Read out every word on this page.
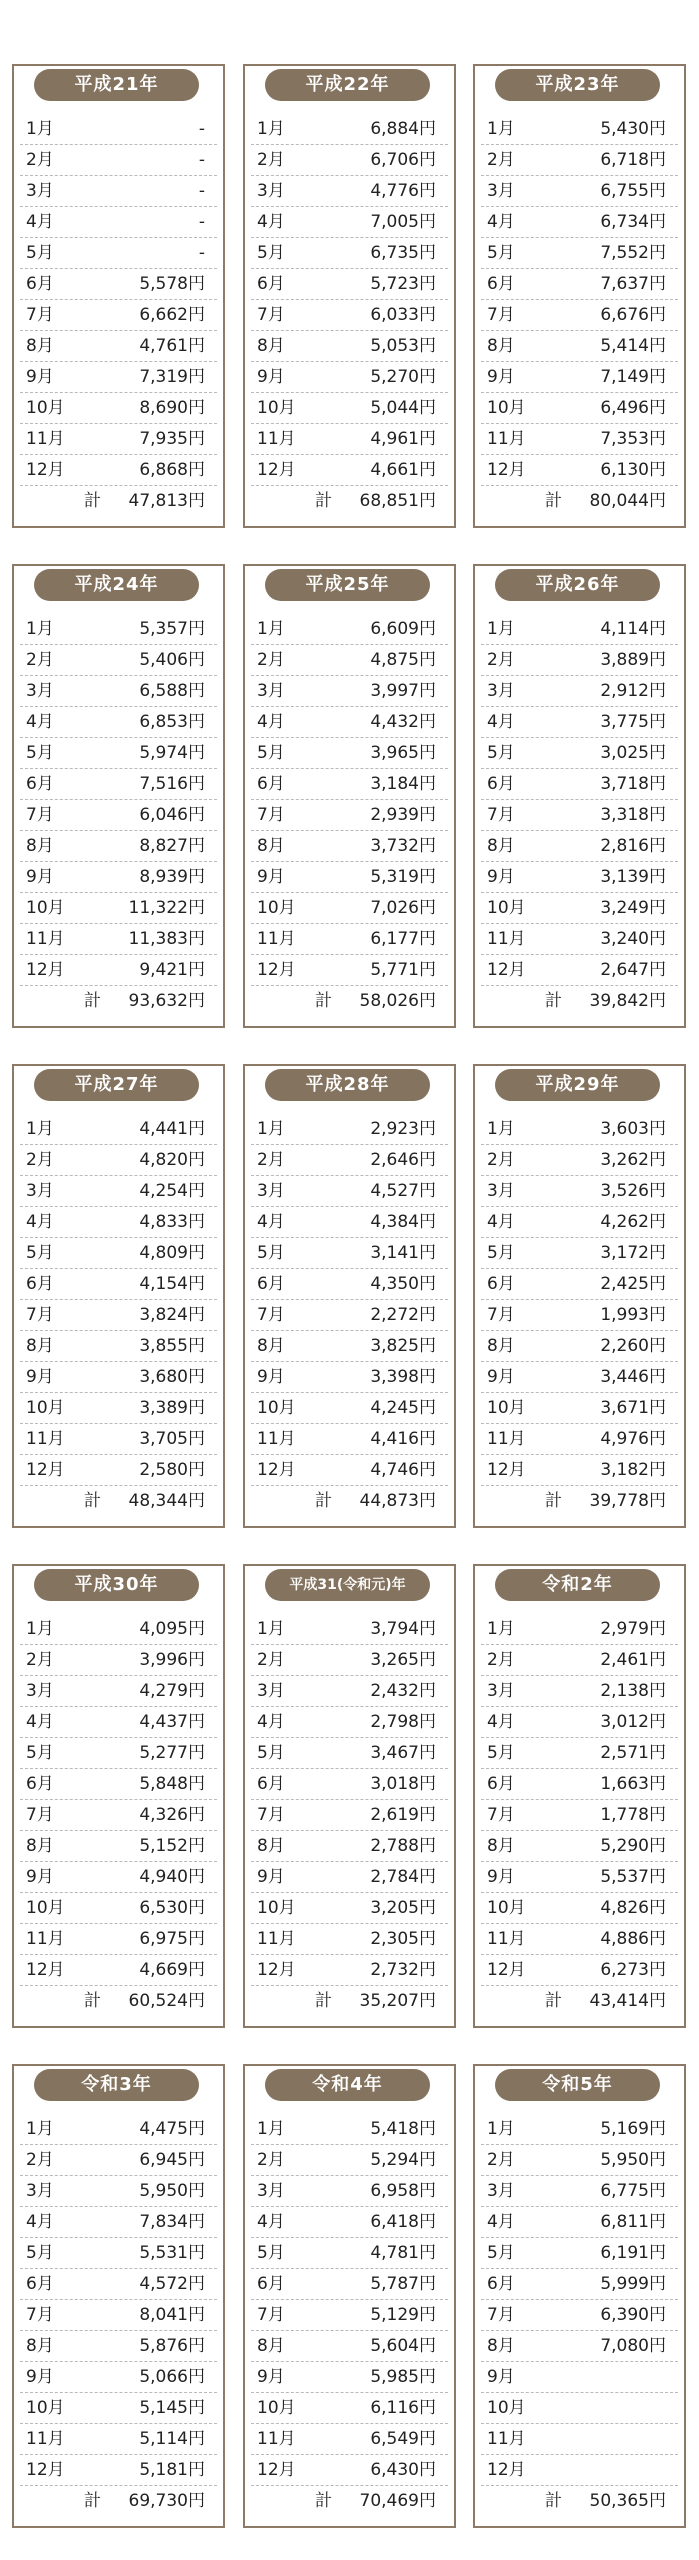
平成21年
1月	-
2月	-
3月	-
4月	-
5月	-
6月	5,578円
7月	6,662円
8月	4,761円
9月	7,319円
10月	8,690円
11月	7,935円
12月	6,868円
計 47,813円
平成22年
1月	6,884円
2月	6,706円
3月	4,776円
4月	7,005円
5月	6,735円
6月	5,723円
7月	6,033円
8月	5,053円
9月	5,270円
10月	5,044円
11月	4,961円
12月	4,661円
計 68,851円
平成23年
1月	5,430円
2月	6,718円
3月	6,755円
4月	6,734円
5月	7,552円
6月	7,637円
7月	6,676円
8月	5,414円
9月	7,149円
10月	6,496円
11月	7,353円
12月	6,130円
計 80,044円
平成24年
1月	5,357円
2月	5,406円
3月	6,588円
4月	6,853円
5月	5,974円
6月	7,516円
7月	6,046円
8月	8,827円
9月	8,939円
10月	11,322円
11月	11,383円
12月	9,421円
計 93,632円
平成25年
1月	6,609円
2月	4,875円
3月	3,997円
4月	4,432円
5月	3,965円
6月	3,184円
7月	2,939円
8月	3,732円
9月	5,319円
10月	7,026円
11月	6,177円
12月	5,771円
計 58,026円
平成26年
1月	4,114円
2月	3,889円
3月	2,912円
4月	3,775円
5月	3,025円
6月	3,718円
7月	3,318円
8月	2,816円
9月	3,139円
10月	3,249円
11月	3,240円
12月	2,647円
計 39,842円
平成27年
1月	4,441円
2月	4,820円
3月	4,254円
4月	4,833円
5月	4,809円
6月	4,154円
7月	3,824円
8月	3,855円
9月	3,680円
10月	3,389円
11月	3,705円
12月	2,580円
計 48,344円
平成28年
1月	2,923円
2月	2,646円
3月	4,527円
4月	4,384円
5月	3,141円
6月	4,350円
7月	2,272円
8月	3,825円
9月	3,398円
10月	4,245円
11月	4,416円
12月	4,746円
計 44,873円
平成29年
1月	3,603円
2月	3,262円
3月	3,526円
4月	4,262円
5月	3,172円
6月	2,425円
7月	1,993円
8月	2,260円
9月	3,446円
10月	3,671円
11月	4,976円
12月	3,182円
計 39,778円
平成30年
1月	4,095円
2月	3,996円
3月	4,279円
4月	4,437円
5月	5,277円
6月	5,848円
7月	4,326円
8月	5,152円
9月	4,940円
10月	6,530円
11月	6,975円
12月	4,669円
計 60,524円
平成31(令和元)年
1月	3,794円
2月	3,265円
3月	2,432円
4月	2,798円
5月	3,467円
6月	3,018円
7月	2,619円
8月	2,788円
9月	2,784円
10月	3,205円
11月	2,305円
12月	2,732円
計 35,207円
令和2年
1月	2,979円
2月	2,461円
3月	2,138円
4月	3,012円
5月	2,571円
6月	1,663円
7月	1,778円
8月	5,290円
9月	5,537円
10月	4,826円
11月	4,886円
12月	6,273円
計 43,414円
令和3年
1月	4,475円
2月	6,945円
3月	5,950円
4月	7,834円
5月	5,531円
6月	4,572円
7月	8,041円
8月	5,876円
9月	5,066円
10月	5,145円
11月	5,114円
12月	5,181円
計 69,730円
令和4年
1月	5,418円
2月	5,294円
3月	6,958円
4月	6,418円
5月	4,781円
6月	5,787円
7月	5,129円
8月	5,604円
9月	5,985円
10月	6,116円
11月	6,549円
12月	6,430円
計 70,469円
令和5年
1月	5,169円
2月	5,950円
3月	6,775円
4月	6,811円
5月	6,191円
6月	5,999円
7月	6,390円
8月	7,080円
9月
10月
11月
12月
計 50,365円
